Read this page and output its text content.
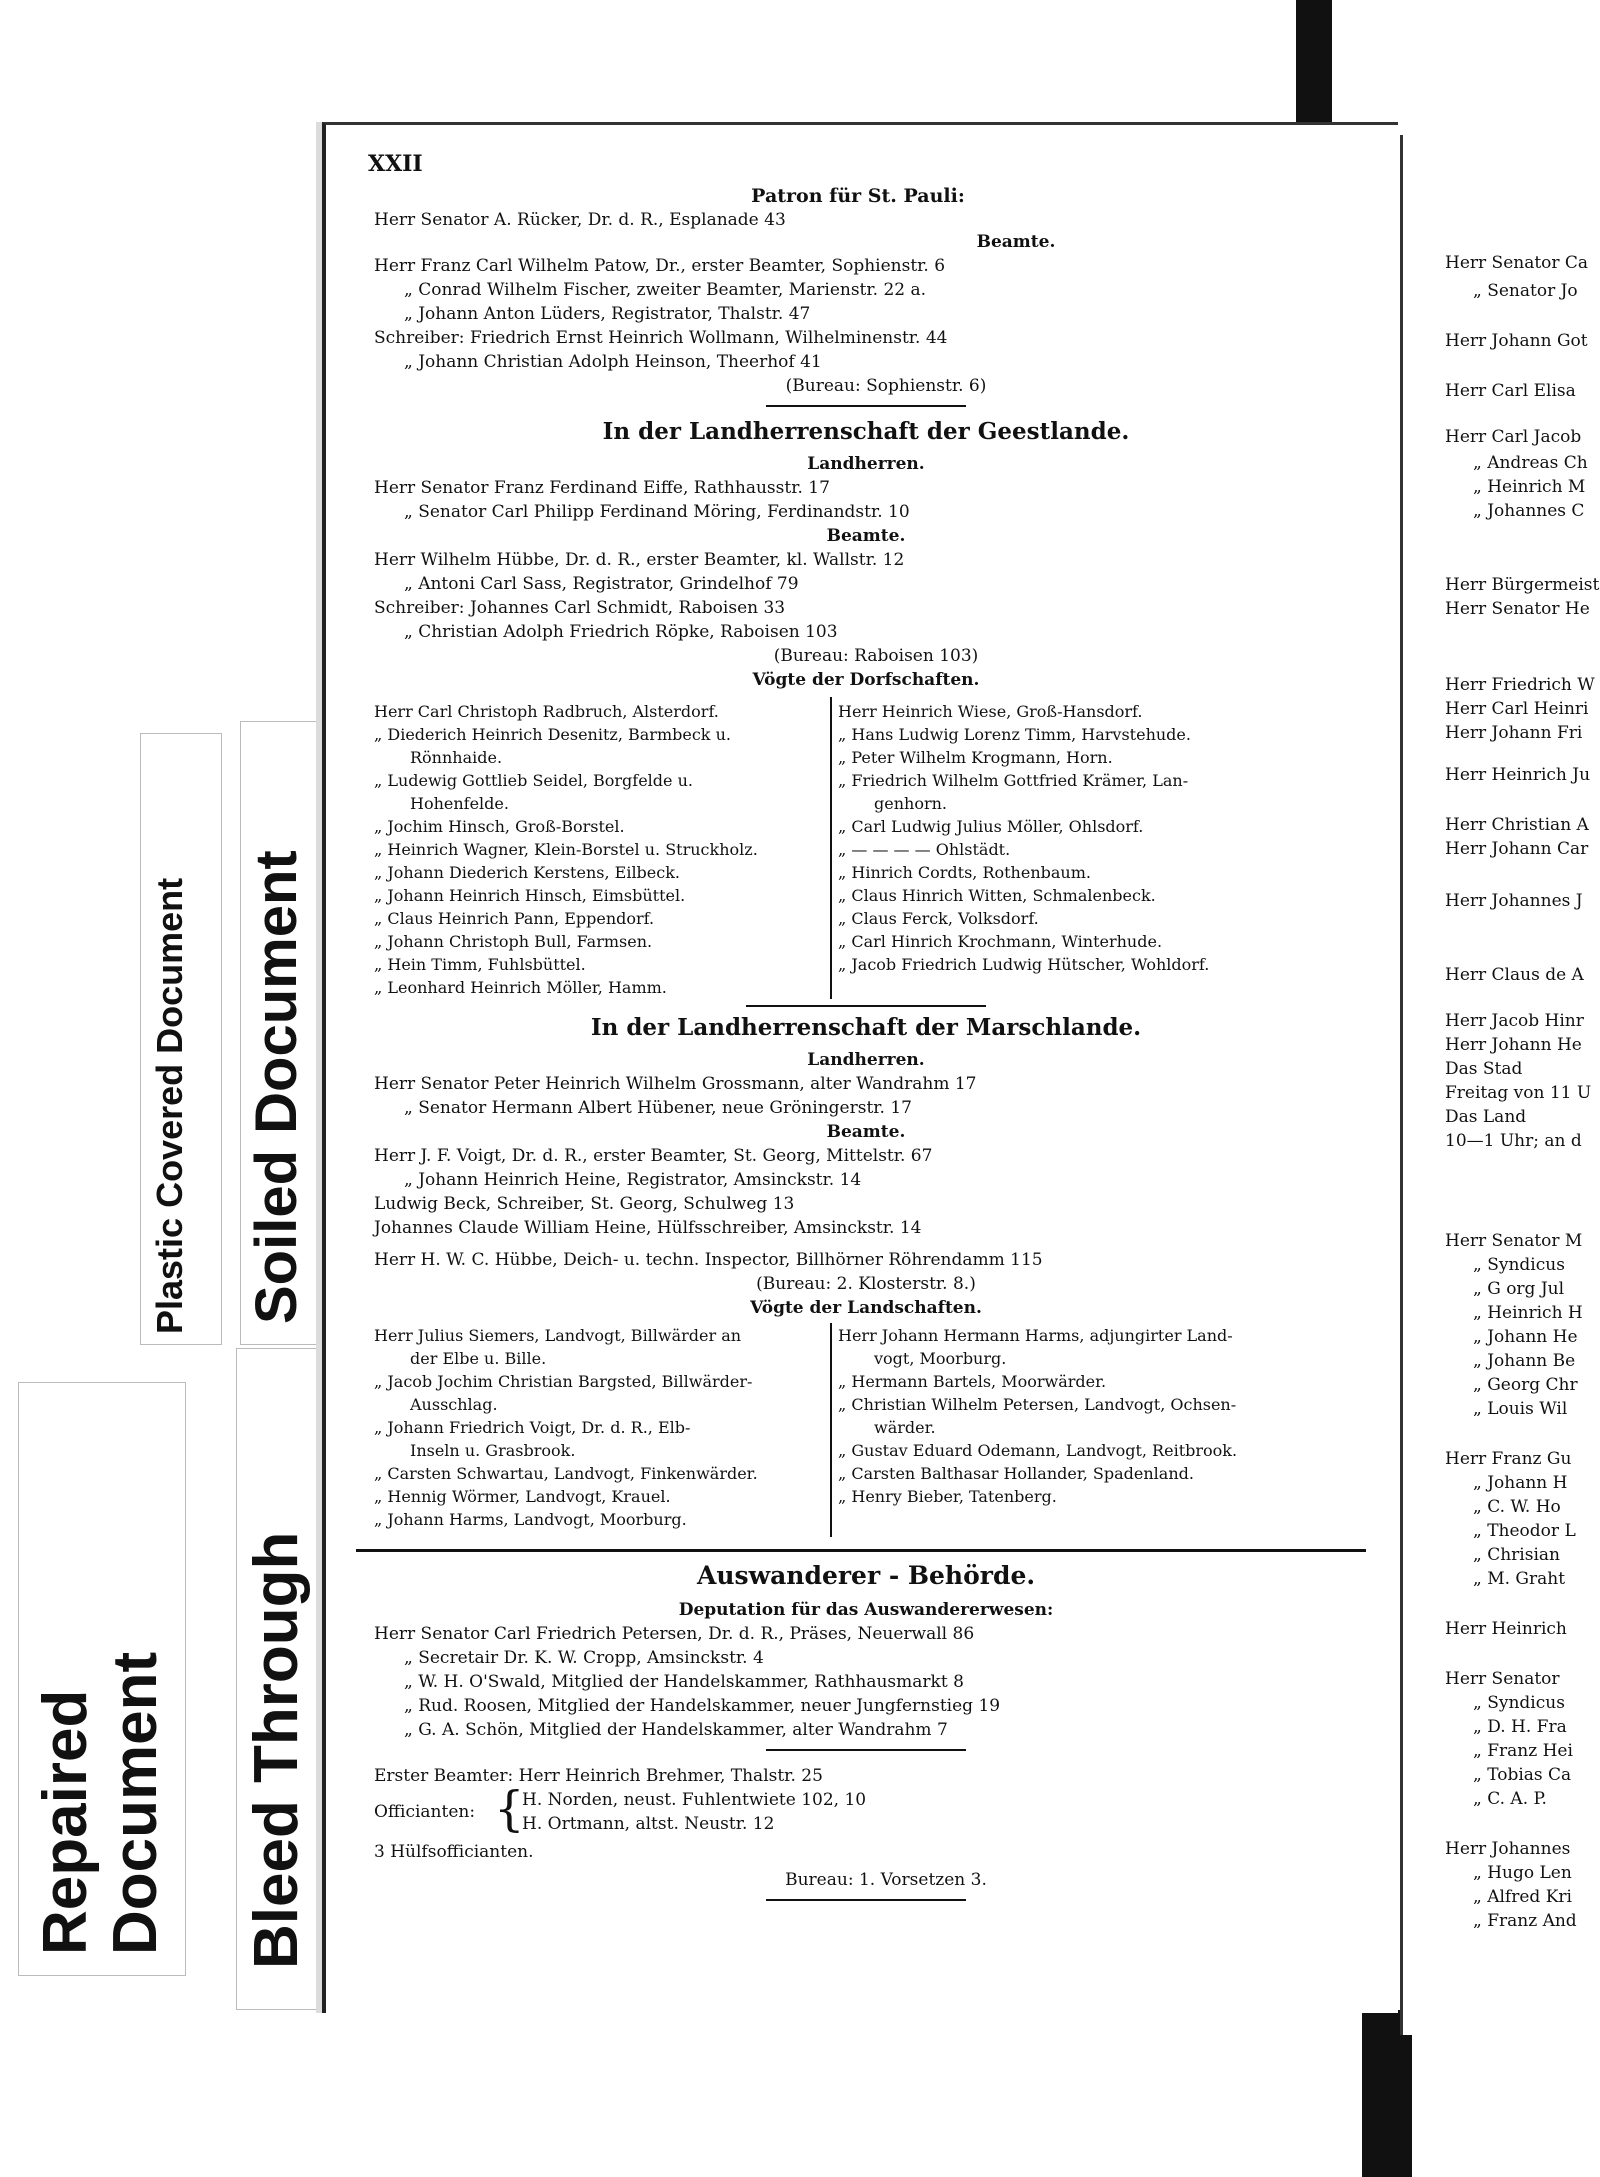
Plastic Covered Document Soiled Document
Repaired Document Bleed Through
XXII
Patron für St. Pauli:
Herr Senator A. Rücker, Dr. d. R., Esplanade 43
Beamte.
Herr Franz Carl Wilhelm Patow, Dr., erster Beamter, Sophienstr. 6
„ Conrad Wilhelm Fischer, zweiter Beamter, Marienstr. 22 a.
„ Johann Anton Lüders, Registrator, Thalstr. 47
Schreiber: Friedrich Ernst Heinrich Wollmann, Wilhelminenstr. 44
„ Johann Christian Adolph Heinson, Theerhof 41
(Bureau: Sophienstr. 6)
In der Landherrenschaft der Geestlande.
Landherren.
Herr Senator Franz Ferdinand Eiffe, Rathhausstr. 17
„ Senator Carl Philipp Ferdinand Möring, Ferdinandstr. 10
Beamte.
Herr Wilhelm Hübbe, Dr. d. R., erster Beamter, kl. Wallstr. 12
„ Antoni Carl Sass, Registrator, Grindelhof 79
Schreiber: Johannes Carl Schmidt, Raboisen 33
„ Christian Adolph Friedrich Röpke, Raboisen 103
(Bureau: Raboisen 103)
Vögte der Dorfschaften.
Herr Carl Christoph Radbruch, Alsterdorf.
„ Diederich Heinrich Desenitz, Barmbeck u.
Rönnhaide.
„ Ludewig Gottlieb Seidel, Borgfelde u.
Hohenfelde.
„ Jochim Hinsch, Groß-Borstel.
„ Heinrich Wagner, Klein-Borstel u. Struckholz.
„ Johann Diederich Kerstens, Eilbeck.
„ Johann Heinrich Hinsch, Eimsbüttel.
„ Claus Heinrich Pann, Eppendorf.
„ Johann Christoph Bull, Farmsen.
„ Hein Timm, Fuhlsbüttel.
„ Leonhard Heinrich Möller, Hamm.
Herr Heinrich Wiese, Groß-Hansdorf.
„ Hans Ludwig Lorenz Timm, Harvstehude.
„ Peter Wilhelm Krogmann, Horn.
„ Friedrich Wilhelm Gottfried Krämer, Lan-
genhorn.
„ Carl Ludwig Julius Möller, Ohlsdorf.
„ — — — — Ohlstädt.
„ Hinrich Cordts, Rothenbaum.
„ Claus Hinrich Witten, Schmalenbeck.
„ Claus Ferck, Volksdorf.
„ Carl Hinrich Krochmann, Winterhude.
„ Jacob Friedrich Ludwig Hütscher, Wohldorf.
In der Landherrenschaft der Marschlande.
Landherren.
Herr Senator Peter Heinrich Wilhelm Grossmann, alter Wandrahm 17
„ Senator Hermann Albert Hübener, neue Gröningerstr. 17
Beamte.
Herr J. F. Voigt, Dr. d. R., erster Beamter, St. Georg, Mittelstr. 67
„ Johann Heinrich Heine, Registrator, Amsinckstr. 14
Ludwig Beck, Schreiber, St. Georg, Schulweg 13
Johannes Claude William Heine, Hülfsschreiber, Amsinckstr. 14
Herr H. W. C. Hübbe, Deich- u. techn. Inspector, Billhörner Röhrendamm 115
(Bureau: 2. Klosterstr. 8.)
Vögte der Landschaften.
Herr Julius Siemers, Landvogt, Billwärder an
der Elbe u. Bille.
„ Jacob Jochim Christian Bargsted, Billwärder-
Ausschlag.
„ Johann Friedrich Voigt, Dr. d. R., Elb-
Inseln u. Grasbrook.
„ Carsten Schwartau, Landvogt, Finkenwärder.
„ Hennig Wörmer, Landvogt, Krauel.
„ Johann Harms, Landvogt, Moorburg.
Herr Johann Hermann Harms, adjungirter Land-
vogt, Moorburg.
„ Hermann Bartels, Moorwärder.
„ Christian Wilhelm Petersen, Landvogt, Ochsen-
wärder.
„ Gustav Eduard Odemann, Landvogt, Reitbrook.
„ Carsten Balthasar Hollander, Spadenland.
„ Henry Bieber, Tatenberg.
Auswanderer - Behörde.
Deputation für das Auswandererwesen:
Herr Senator Carl Friedrich Petersen, Dr. d. R., Präses, Neuerwall 86
„ Secretair Dr. K. W. Cropp, Amsinckstr. 4
„ W. H. O'Swald, Mitglied der Handelskammer, Rathhausmarkt 8
„ Rud. Roosen, Mitglied der Handelskammer, neuer Jungfernstieg 19
„ G. A. Schön, Mitglied der Handelskammer, alter Wandrahm 7
Erster Beamter: Herr Heinrich Brehmer, Thalstr. 25
Officianten: {
H. Norden, neust. Fuhlentwiete 102, 10
H. Ortmann, altst. Neustr. 12
3 Hülfsofficianten.
Bureau: 1. Vorsetzen 3.
Herr Senator Ca
„ Senator Jo
Herr Johann Got
Herr Carl Elisa
Herr Carl Jacob
„ Andreas Ch
„ Heinrich M
„ Johannes C
Herr Bürgermeist
Herr Senator He
Herr Friedrich W
Herr Carl Heinri
Herr Johann Fri
Herr Heinrich Ju
Herr Christian A
Herr Johann Car
Herr Johannes J
Herr Claus de A
Herr Jacob Hinr
Herr Johann He
Das Stad
Freitag von 11 U
Das Land
10—1 Uhr; an d
Herr Senator M
„ Syndicus
„ G org Jul
„ Heinrich H
„ Johann He
„ Johann Be
„ Georg Chr
„ Louis Wil
Herr Franz Gu
„ Johann H
„ C. W. Ho
„ Theodor L
„ Chrisian
„ M. Graht
Herr Heinrich
Herr Senator
„ Syndicus
„ D. H. Fra
„ Franz Hei
„ Tobias Ca
„ C. A. P.
Herr Johannes
„ Hugo Len
„ Alfred Kri
„ Franz And
